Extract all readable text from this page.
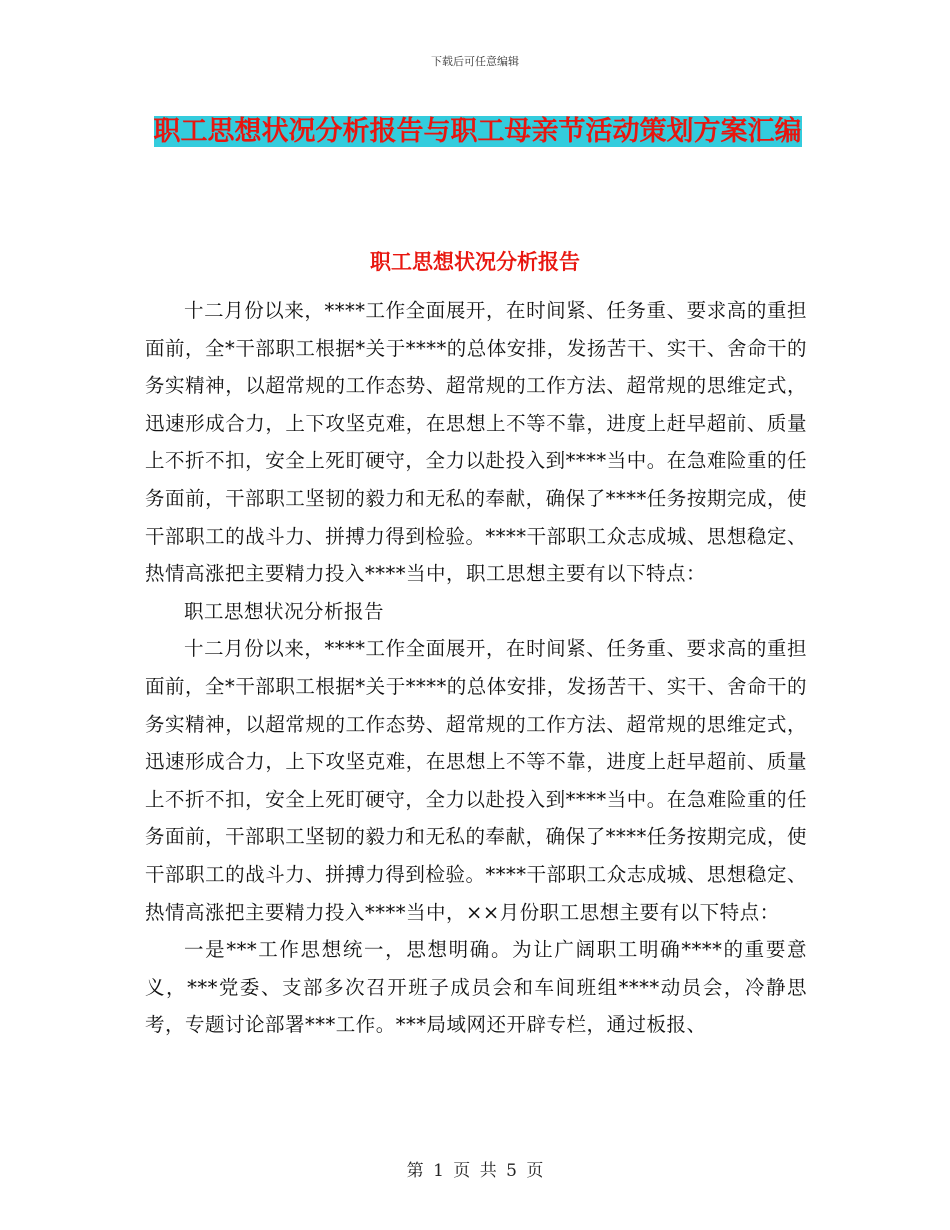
下载后可任意编辑
职工思想状况分析报告与职工母亲节活动策划方案汇编
职工思想状况分析报告

十二月份以来，****工作全面展开，在时间紧、任务重、要求高的重担面前，全*干部职工根据*关于****的总体安排，发扬苦干、实干、舍命干的务实精神，以超常规的工作态势、超常规的工作方法、超常规的思维定式，迅速形成合力，上下攻坚克难，在思想上不等不靠，进度上赶早超前、质量上不折不扣，安全上死盯硬守，全力以赴投入到****当中。在急难险重的任务面前，干部职工坚韧的毅力和无私的奉献，确保了****任务按期完成，使干部职工的战斗力、拼搏力得到检验。****干部职工众志成城、思想稳定、热情高涨把主要精力投入****当中，职工思想主要有以下特点：

职工思想状况分析报告

十二月份以来，****工作全面展开，在时间紧、任务重、要求高的重担面前，全*干部职工根据*关于****的总体安排，发扬苦干、实干、舍命干的务实精神，以超常规的工作态势、超常规的工作方法、超常规的思维定式，迅速形成合力，上下攻坚克难，在思想上不等不靠，进度上赶早超前、质量上不折不扣，安全上死盯硬守，全力以赴投入到****当中。在急难险重的任务面前，干部职工坚韧的毅力和无私的奉献，确保了****任务按期完成，使干部职工的战斗力、拼搏力得到检验。****干部职工众志成城、思想稳定、热情高涨把主要精力投入****当中，××月份职工思想主要有以下特点：

一是***工作思想统一，思想明确。为让广阔职工明确****的重要意义，***党委、支部多次召开班子成员会和车间班组****动员会，冷静思考，专题讨论部署***工作。***局域网还开辟专栏，通过板报、

第 1 页 共 5 页
